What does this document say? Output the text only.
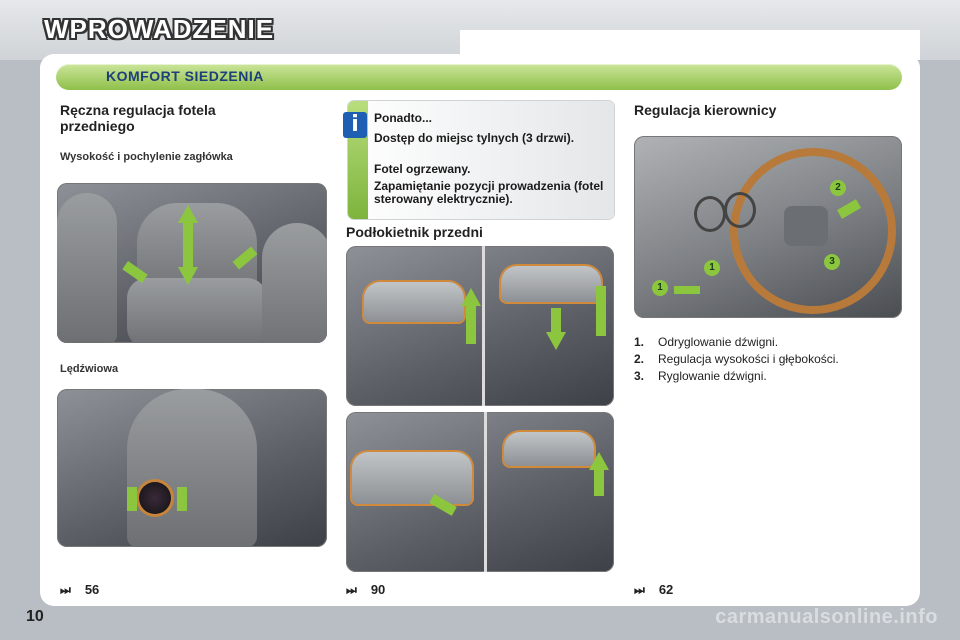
WPROWADZENIE
KOMFORT SIEDZENIA
Ręczna regulacja fotela przedniego
Wysokość i pochylenie zagłówka
Lędźwiowa
⏭ 56
i	Ponadto...
Dostęp do miejsc tylnych (3 drzwi).
Fotel ogrzewany.
Zapamiętanie pozycji prowadzenia (fotel sterowany elektrycznie).
Podłokietnik przedni
⏭ 90
Regulacja kierownicy
1
1
2
3
1. Odryglowanie dźwigni.
2. Regulacja wysokości i głębokości.
3. Ryglowanie dźwigni.
⏭ 62
10	carmanualsonline.info
